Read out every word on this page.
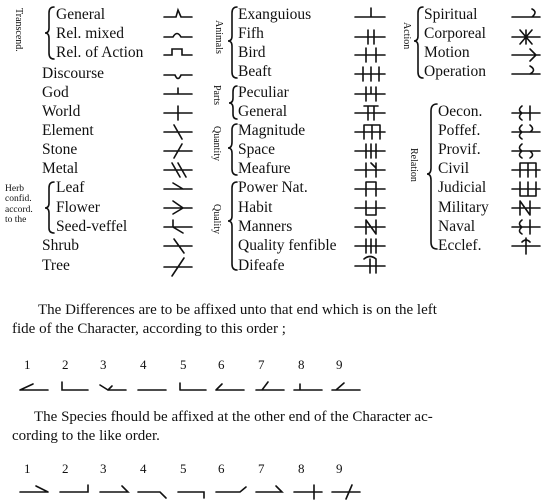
Transcend. General
Rel. mixed
Rel. of Action
Discourse
God
World
Element
Stone
Metal
Herb
confid.
accord.
to the
Leaf
Flower
Seed-veffel
Shrub
Tree
Animals
Exanguious
Fifh
Bird
Beaft
Parts Peculiar
General
Quantity Magnitude
Space
Meafure
Quality
Power Nat.
Habit
Manners
Quality fenfible
Difeafe
Action
Spiritual
Corporeal
Motion
Operation
Relation
Oecon.
Poffef.
Provif.
Civil
Judicial
Military
Naval
Ecclef.
The Differences are to be affixed unto that end which is on the left
fide of the Character, according to this order ;
1 2 3	4	5 6	7	8 9
The Species fhould be affixed at the other end of the Character ac-
cording to the like order.
1 2 3	4	5 6	7	8 9
